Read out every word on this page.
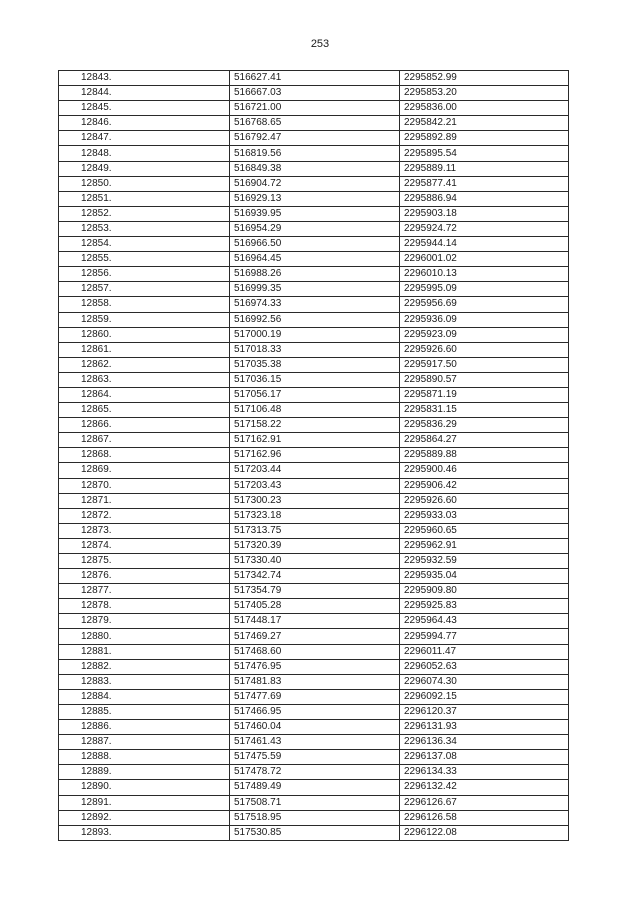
253
12843.	516627.41	2295852.99
12844.	516667.03	2295853.20
12845.	516721.00	2295836.00
12846.	516768.65	2295842.21
12847.	516792.47	2295892.89
12848.	516819.56	2295895.54
12849.	516849.38	2295889.11
12850.	516904.72	2295877.41
12851.	516929.13	2295886.94
12852.	516939.95	2295903.18
12853.	516954.29	2295924.72
12854.	516966.50	2295944.14
12855.	516964.45	2296001.02
12856.	516988.26	2296010.13
12857.	516999.35	2295995.09
12858.	516974.33	2295956.69
12859.	516992.56	2295936.09
12860.	517000.19	2295923.09
12861.	517018.33	2295926.60
12862.	517035.38	2295917.50
12863.	517036.15	2295890.57
12864.	517056.17	2295871.19
12865.	517106.48	2295831.15
12866.	517158.22	2295836.29
12867.	517162.91	2295864.27
12868.	517162.96	2295889.88
12869.	517203.44	2295900.46
12870.	517203.43	2295906.42
12871.	517300.23	2295926.60
12872.	517323.18	2295933.03
12873.	517313.75	2295960.65
12874.	517320.39	2295962.91
12875.	517330.40	2295932.59
12876.	517342.74	2295935.04
12877.	517354.79	2295909.80
12878.	517405.28	2295925.83
12879.	517448.17	2295964.43
12880.	517469.27	2295994.77
12881.	517468.60	2296011.47
12882.	517476.95	2296052.63
12883.	517481.83	2296074.30
12884.	517477.69	2296092.15
12885.	517466.95	2296120.37
12886.	517460.04	2296131.93
12887.	517461.43	2296136.34
12888.	517475.59	2296137.08
12889.	517478.72	2296134.33
12890.	517489.49	2296132.42
12891.	517508.71	2296126.67
12892.	517518.95	2296126.58
12893.	517530.85	2296122.08
